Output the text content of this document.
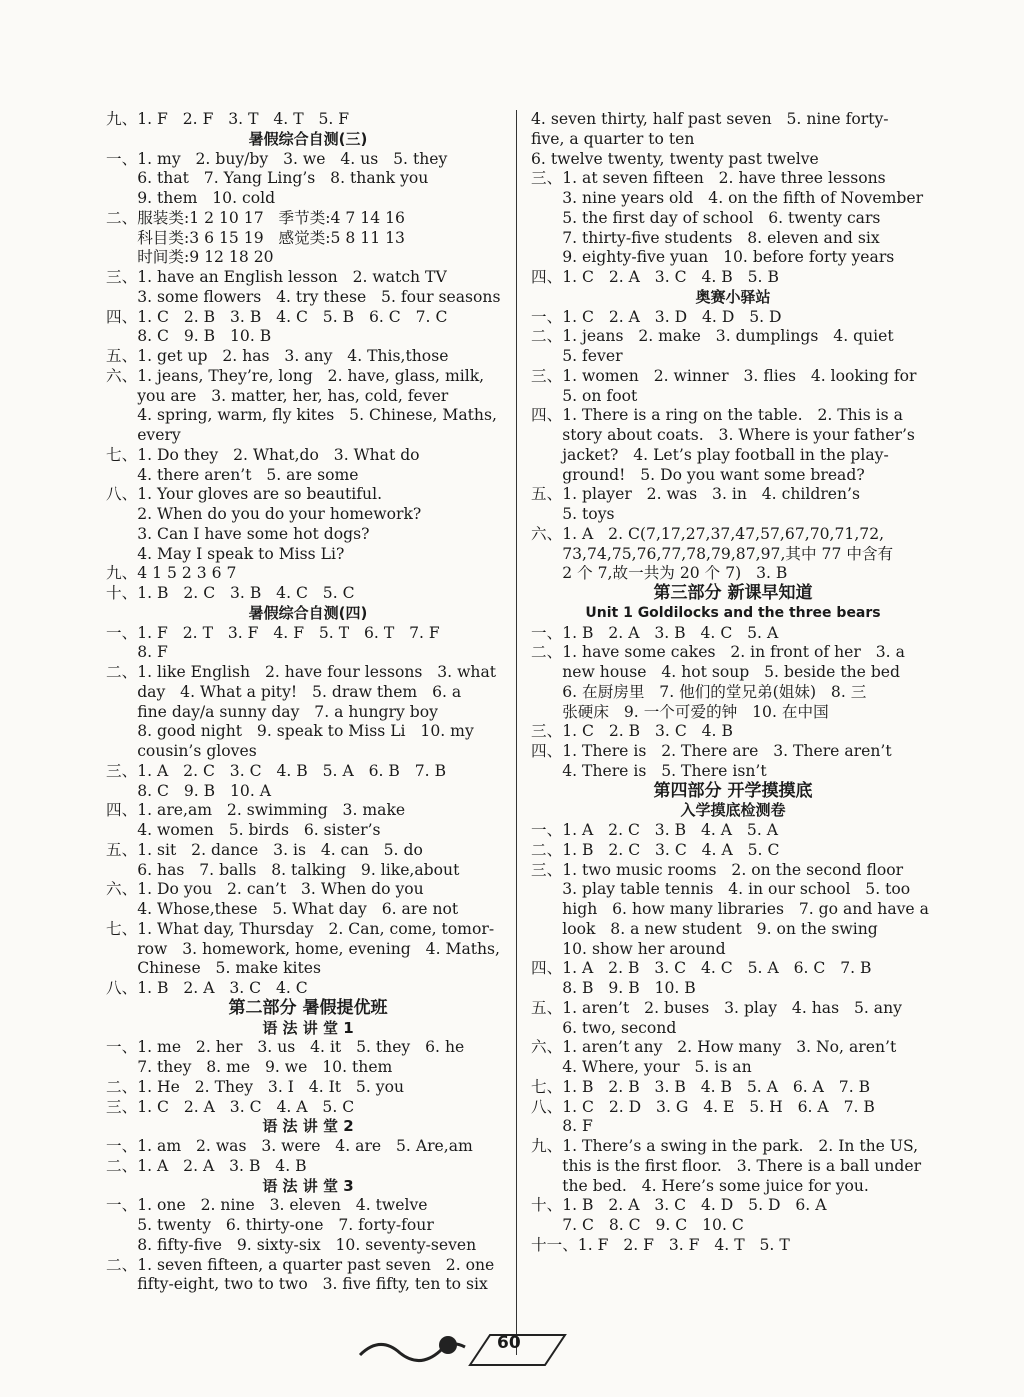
九、 1. F   2. F   3. T   4. T   5. F
暑假综合自测(三)
一、 1. my   2. buy/by   3. we   4. us   5. they
6. that   7. Yang Ling’s   8. thank you
9. them   10. cold
二、 服装类:1 2 10 17   季节类:4 7 14 16
科目类:3 6 15 19   感觉类:5 8 11 13
时间类:9 12 18 20
三、 1. have an English lesson   2. watch TV
3. some flowers   4. try these   5. four seasons
四、 1. C   2. B   3. B   4. C   5. B   6. C   7. C
8. C   9. B   10. B
五、 1. get up   2. has   3. any   4. This,those
六、 1. jeans, They’re, long   2. have, glass, milk,
you are   3. matter, her, has, cold, fever
4. spring, warm, fly kites   5. Chinese, Maths,
every
七、 1. Do they   2. What,do   3. What do
4. there aren’t   5. are some
八、 1. Your gloves are so beautiful.
2. When do you do your homework?
3. Can I have some hot dogs?
4. May I speak to Miss Li?
九、 4 1 5 2 3 6 7
十、 1. B   2. C   3. B   4. C   5. C
暑假综合自测(四)
一、 1. F   2. T   3. F   4. F   5. T   6. T   7. F
8. F
二、 1. like English   2. have four lessons   3. what
day   4. What a pity!   5. draw them   6. a
fine day/a sunny day   7. a hungry boy
8. good night   9. speak to Miss Li   10. my
cousin’s gloves
三、 1. A   2. C   3. C   4. B   5. A   6. B   7. B
8. C   9. B   10. A
四、 1. are,am   2. swimming   3. make
4. women   5. birds   6. sister’s
五、 1. sit   2. dance   3. is   4. can   5. do
6. has   7. balls   8. talking   9. like,about
六、 1. Do you   2. can’t   3. When do you
4. Whose,these   5. What day   6. are not
七、 1. What day, Thursday   2. Can, come, tomor-
row   3. homework, home, evening   4. Maths,
Chinese   5. make kites
八、 1. B   2. A   3. C   4. C
第二部分 暑假提优班
语 法 讲 堂 1
一、 1. me   2. her   3. us   4. it   5. they   6. he
7. they   8. me   9. we   10. them
二、 1. He   2. They   3. I   4. It   5. you
三、 1. C   2. A   3. C   4. A   5. C
语 法 讲 堂 2
一、 1. am   2. was   3. were   4. are   5. Are,am
二、 1. A   2. A   3. B   4. B
语 法 讲 堂 3
一、 1. one   2. nine   3. eleven   4. twelve
5. twenty   6. thirty-one   7. forty-four
8. fifty-five   9. sixty-six   10. seventy-seven
二、 1. seven fifteen, a quarter past seven   2. one
fifty-eight, two to two   3. five fifty, ten to six
4. seven thirty, half past seven   5. nine forty-
five, a quarter to ten
6. twelve twenty, twenty past twelve
三、 1. at seven fifteen   2. have three lessons
3. nine years old   4. on the fifth of November
5. the first day of school   6. twenty cars
7. thirty-five students   8. eleven and six
9. eighty-five yuan   10. before forty years
四、 1. C   2. A   3. C   4. B   5. B
奥赛小驿站
一、 1. C   2. A   3. D   4. D   5. D
二、 1. jeans   2. make   3. dumplings   4. quiet
5. fever
三、 1. women   2. winner   3. flies   4. looking for
5. on foot
四、 1. There is a ring on the table.   2. This is a
story about coats.   3. Where is your father’s
jacket?   4. Let’s play football in the play-
ground!   5. Do you want some bread?
五、 1. player   2. was   3. in   4. children’s
5. toys
六、 1. A   2. C(7,17,27,37,47,57,67,70,71,72,
73,74,75,76,77,78,79,87,97,其中 77 中含有
2 个 7,故一共为 20 个 7)   3. B
第三部分 新课早知道
Unit 1 Goldilocks and the three bears
一、 1. B   2. A   3. B   4. C   5. A
二、 1. have some cakes   2. in front of her   3. a
new house   4. hot soup   5. beside the bed
6. 在厨房里   7. 他们的堂兄弟(姐妹)   8. 三
张硬床   9. 一个可爱的钟   10. 在中国
三、 1. C   2. B   3. C   4. B
四、 1. There is   2. There are   3. There aren’t
4. There is   5. There isn’t
第四部分 开学摸摸底
入学摸底检测卷
一、 1. A   2. C   3. B   4. A   5. A
二、 1. B   2. C   3. C   4. A   5. C
三、 1. two music rooms   2. on the second floor
3. play table tennis   4. in our school   5. too
high   6. how many libraries   7. go and have a
look   8. a new student   9. on the swing
10. show her around
四、 1. A   2. B   3. C   4. C   5. A   6. C   7. B
8. B   9. B   10. B
五、 1. aren’t   2. buses   3. play   4. has   5. any
6. two, second
六、 1. aren’t any   2. How many   3. No, aren’t
4. Where, your   5. is an
七、 1. B   2. B   3. B   4. B   5. A   6. A   7. B
八、 1. C   2. D   3. G   4. E   5. H   6. A   7. B
8. F
九、 1. There’s a swing in the park.   2. In the US,
this is the first floor.   3. There is a ball under
the bed.   4. Here’s some juice for you.
十、 1. B   2. A   3. C   4. D   5. D   6. A
7. C   8. C   9. C   10. C
十一、 1. F   2. F   3. F   4. T   5. T
60
